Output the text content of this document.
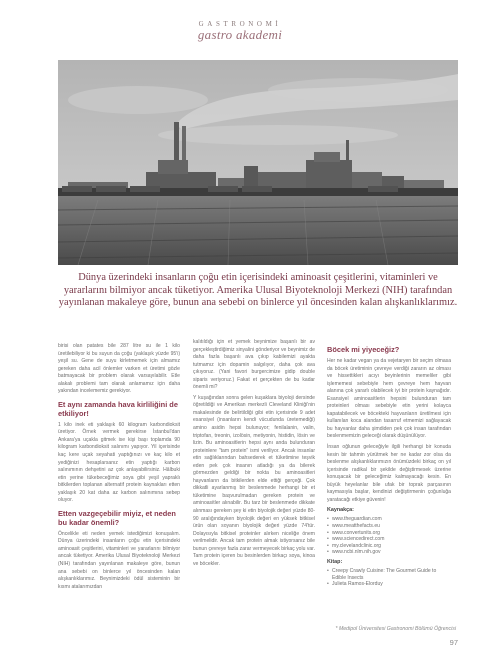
GASTRONOMİ
gastro akademi
Dünya üzerindeki insanların çoğu etin içerisindeki aminoasit çeşitlerini, vitaminleri ve yararlarını bilmiyor ancak tüketiyor. Amerika Ulusal Biyoteknoloji Merkezi (NIH) tarafından yayınlanan makaleye göre, bunun ana sebebi on binlerce yıl öncesinden kalan alışkanlıklarımız.

birisi olan patates bile 287 litre su ile 1 kilo üretilebiliyor ki bu suyun da çoğu (yaklaşık yüzde 95'i) yeşil su. Gene de suyu kirletmemek için almamız gereken daha acil önlemler varken et üretimi gözle batmayacak bir problem olarak varsayılabilir. Etle alakalı problemi tam olarak anlamamız için daha yakından incelememiz gerekiyor.

Et aynı zamanda hava kirliliğini de etkiliyor!

1 kilo inek eti yaklaşık 60 kilogram karbondioksit üretiyor. Örnek vermek gerekirse İstanbul'dan Ankara'ya uçakla gitmek ise kişi başı toplamda 90 kilogram karbondioksit salınımı yapıyor. Yil içerisinde kaç kere uçak seyahati yaptığınızı ve kaç kilo et yediğinizi hesaplarsanız etin yaptığı karbon salınımının dehşetini az çok anlayabilirsiniz. Hâlbuki etin yerine tükebeceğimiz soya gibi yeşil yapraklı bitkilerden toplanan alternatif protein kaynakları etten yaklaşık 20 kat daha az karbon salınımına sebep oluyor.

Etten vazgeçebilir miyiz, et neden bu kadar önemli?

Öncelikle eti neden yemek istediğimizi konuşalım. Dünya üzerindeki insanların çoğu etin içerisindeki aminoasit çeşitlerini, vitaminleri ve yararlarını bilmiyor ancak tüketiyor. Amerika Ulusal Biyoteknoloji Merkezi (NIH) tarafından yayınlanan makaleye göre, bunun ana sebebi on binlerce yıl öncesinden kalan alışkanlıklarımız. Beynimizdeki ödül sisteminin bir kısmı atalarımızdan

kalıtıldığı için et yemek beynimize başarılı bir av gerçekleştirdiğimiz sinyalini gönderiyor ve beynimiz de daha fazla başarılı ava çıkıp kabilemizi ayakta tutmamız için dopamin salgılıyor, daha çok ava çıkıyoruz. (Yani favori burgercimize gidip double siparis veriyoruz.) Fakat et gerçekten de bu kadar önemli mi?

Y kuşağından sonra gelen kuşaklara biyoloji dersinde öğretildiği ve Amerikan merkezli Cleveland Kliniği'nin makalesinde de belirtildiği gibi etin içerisinde 9 adet esansiyel (insanların kendi vücudunda üretemediği) amino asidin hepsi bulunuyor; fenilalanin, valin, triptofan, treonin, izolösin, metiyonin, histidin, lösin ve lizin. Bu aminoasitlerin hepsi aynı anda bulunduran proteinlere "tam protein" ismi veriliyor. Ancak insanlar etin sağlıklarından bahsederek et tüketimine teşvik eden pek çok insanın atladığı ya da bilerek görmezden geldiği bir nokta bu aminoasitleri hayvanların da bitkilerden elde ettiği gerçeği. Çok dikkatli ayarlanmış bir beslenmede herhangi bir et tüketimine başvurulmadan gereken protein ve aminoasitler alınabilir. Bu tarz bir beslenmede dikkate alınması gereken şey ki etin biyolojik değeri yüzde 80-90 aralığındayken biyolojik değeri en yüksek bitkisel ürün olan soyanın biyolojik değeri yüzde 74'tür. Dolayısıyla bitkisel proteinler alırken niceliğe önem verilmelidir. Ancak tam protein almak istiyorsanız bile bunun çevreye fazla zarar vermeyecek birkaç yolu var. Tam protein içeren bu besinlerden birkaçı soya, kinoa ve böcekler.

Böcek mi yiyeceğiz?

Her ne kadar vegan ya da vejetaryen bir seçim olmasa da böcek üretiminin çevreye verdiği zararın az olması ve hissettikleri acıyı beyinlerinin memeliler gibi işlememesi sebebiyle hem çevreye hem hayvan alanına çok yararlı olabilecek iyi bir protein kaynağıdır. Esansiyel aminoasitlerin hepsini bulunduran tam proteinleri olması sebebiyle etin yerini kolayca kapatabilecek ve böcekteki hayvanların üretilmesi için kullanılan koca alandan tasarruf etmemizi sağlayacak bu hayvanlar daha şimdiden pek çok insan tarafından beslenmemizin geleceği olarak düşünülüyor.

İnsan oğlunun geleceğiyle ilgili herhangi bir konuda kesin bir tahmin yürütmek her ne kadar zor olsa da beslenme alışkanlıklarımızın önümüzdeki birkaç on yıl içerisinde radikal bir şekilde değiştirmesek üzerine konuşacak bir geleceğimiz kalmayacağı kesin. En büyük heyelanlar bile ufak bir toprak parçasının kaymasıyla başlar, kendinizi değiştirmenin çoğunluğa yaratacağı etkiye güvenin!

Kaynakça:
• www.theguardian.com
• www.meatthefacts.eu
• www.convertunits.org
• www.sciencedirect.com
• my.clevelandclinic.org
• www.ncbi.nlm.nih.gov
Kitap:
• Creepy Crawly Cuisine: The Gourmet Guide to Edible Insects
• Julieta Ramos-Elorduy
* Medipol Üniversitesi Gastronomi Bölümü Öğrencisi
97
